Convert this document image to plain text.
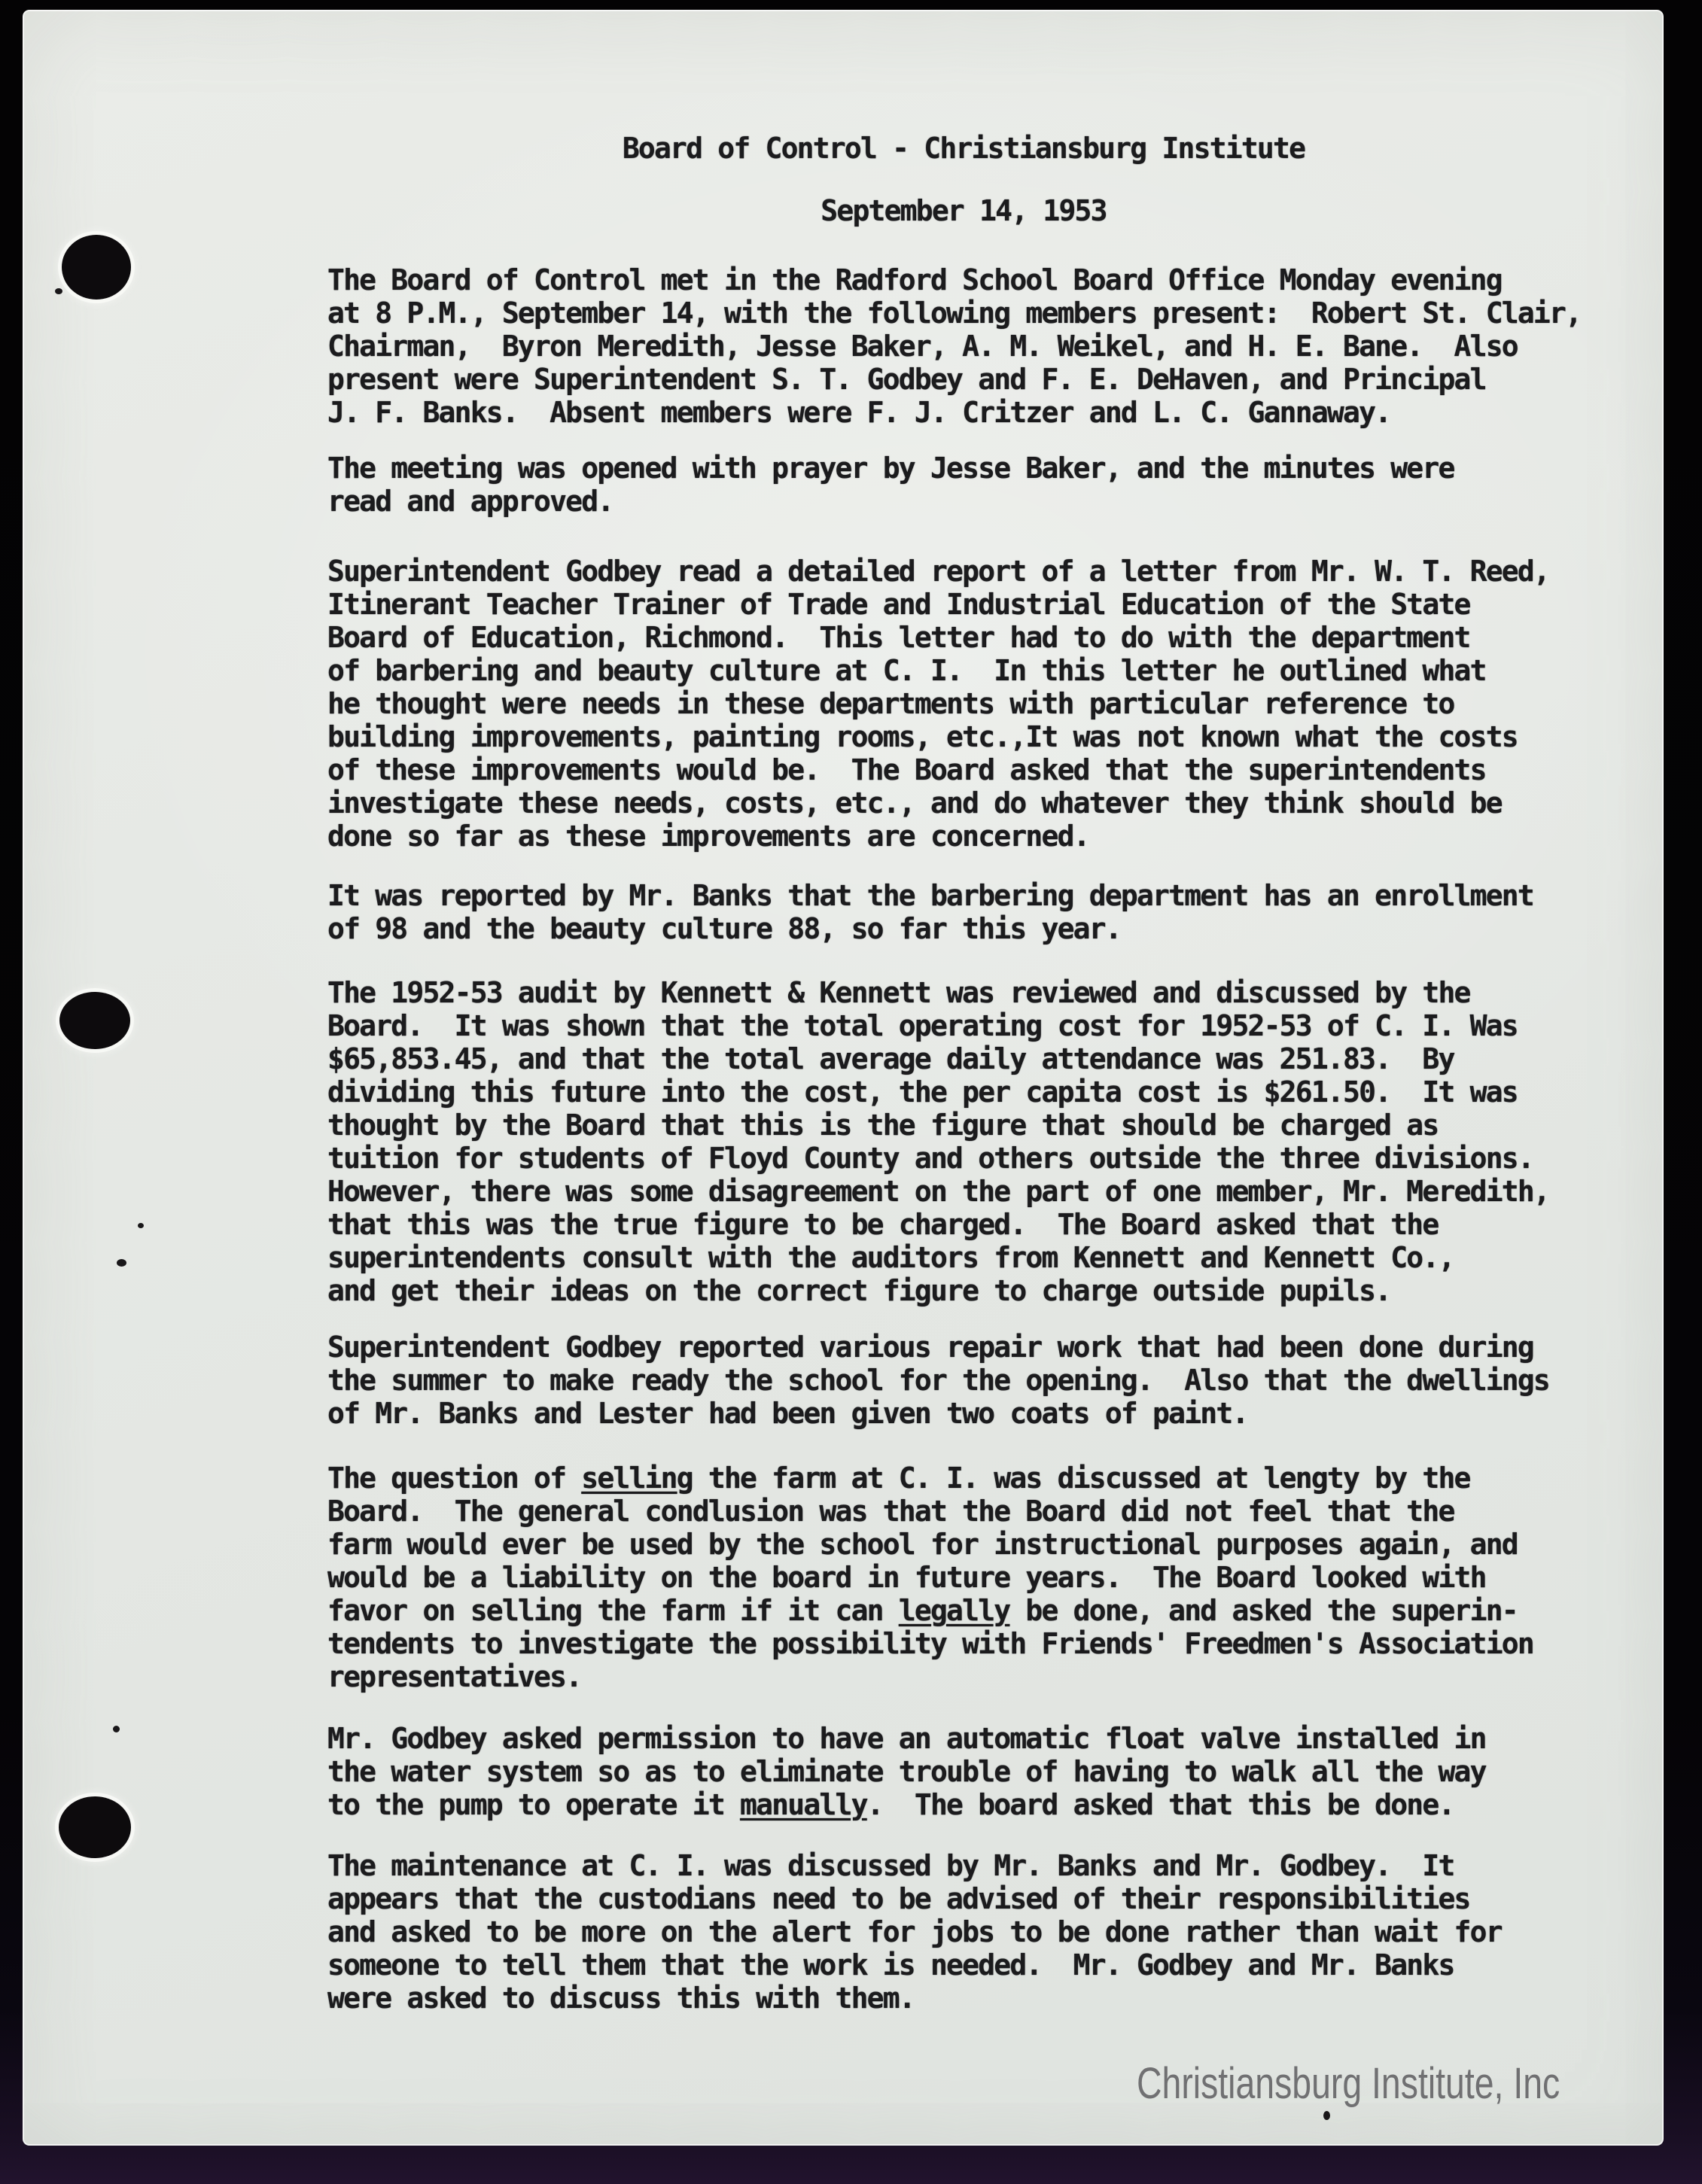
Board of Control - Christiansburg Institute
September 14, 1953
The Board of Control met in the Radford School Board Office Monday evening
at 8 P.M., September 14, with the following members present:  Robert St. Clair,
Chairman,  Byron Meredith, Jesse Baker, A. M. Weikel, and H. E. Bane.  Also
present were Superintendent S. T. Godbey and F. E. DeHaven, and Principal
J. F. Banks.  Absent members were F. J. Critzer and L. C. Gannaway.
The meeting was opened with prayer by Jesse Baker, and the minutes were
read and approved.
Superintendent Godbey read a detailed report of a letter from Mr. W. T. Reed,
Itinerant Teacher Trainer of Trade and Industrial Education of the State
Board of Education, Richmond.  This letter had to do with the department
of barbering and beauty culture at C. I.  In this letter he outlined what
he thought were needs in these departments with particular reference to
building improvements, painting rooms, etc.,It was not known what the costs
of these improvements would be.  The Board asked that the superintendents
investigate these needs, costs, etc., and do whatever they think should be
done so far as these improvements are concerned.
It was reported by Mr. Banks that the barbering department has an enrollment
of 98 and the beauty culture 88, so far this year.
The 1952-53 audit by Kennett & Kennett was reviewed and discussed by the
Board.  It was shown that the total operating cost for 1952-53 of C. I. Was
$65,853.45, and that the total average daily attendance was 251.83.  By
dividing this future into the cost, the per capita cost is $261.50.  It was
thought by the Board that this is the figure that should be charged as
tuition for students of Floyd County and others outside the three divisions.
However, there was some disagreement on the part of one member, Mr. Meredith,
that this was the true figure to be charged.  The Board asked that the
superintendents consult with the auditors from Kennett and Kennett Co.,
and get their ideas on the correct figure to charge outside pupils.
Superintendent Godbey reported various repair work that had been done during
the summer to make ready the school for the opening.  Also that the dwellings
of Mr. Banks and Lester had been given two coats of paint.
The question of selling the farm at C. I. was discussed at lengty by the
Board.  The general condlusion was that the Board did not feel that the
farm would ever be used by the school for instructional purposes again, and
would be a liability on the board in future years.  The Board looked with
favor on selling the farm if it can legally be done, and asked the superin-
tendents to investigate the possibility with Friends' Freedmen's Association
representatives.
Mr. Godbey asked permission to have an automatic float valve installed in
the water system so as to eliminate trouble of having to walk all the way
to the pump to operate it manually.  The board asked that this be done.
The maintenance at C. I. was discussed by Mr. Banks and Mr. Godbey.  It
appears that the custodians need to be advised of their responsibilities
and asked to be more on the alert for jobs to be done rather than wait for
someone to tell them that the work is needed.  Mr. Godbey and Mr. Banks
were asked to discuss this with them.
Christiansburg Institute, Inc
